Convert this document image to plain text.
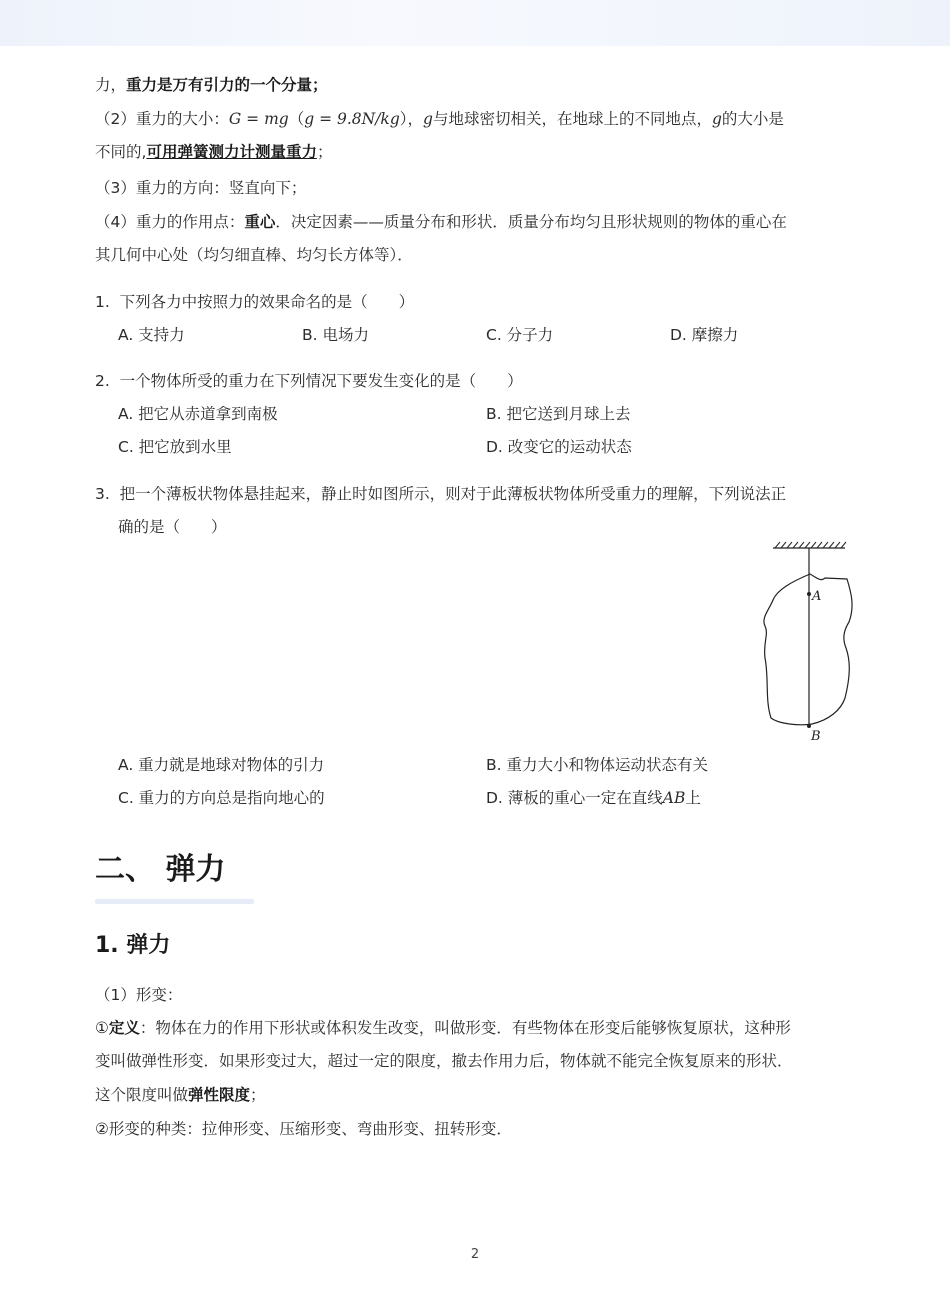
力，重力是万有引力的一个分量；
（2）重力的大小：G = mg（g = 9.8N/kg），g与地球密切相关，在地球上的不同地点，g的大小是
不同的,可用弹簧测力计测量重力；
（3）重力的方向：竖直向下；
（4）重力的作用点：重心．决定因素——质量分布和形状．质量分布均匀且形状规则的物体的重心在
其几何中心处（均匀细直棒、均匀长方体等）．
1. 下列各力中按照力的效果命名的是（　　）
A. 支持力	B. 电场力	C. 分子力	D. 摩擦力
2. 一个物体所受的重力在下列情况下要发生变化的是（　　）
A. 把它从赤道拿到南极	B. 把它送到月球上去
C. 把它放到水里	D. 改变它的运动状态
3. 把一个薄板状物体悬挂起来，静止时如图所示，则对于此薄板状物体所受重力的理解，下列说法正
确的是（　　）
A
B
A. 重力就是地球对物体的引力	B. 重力大小和物体运动状态有关
C. 重力的方向总是指向地心的	D. 薄板的重心一定在直线AB上
二、 弹力
1. 弹力
（1）形变：
①定义：物体在力的作用下形状或体积发生改变，叫做形变．有些物体在形变后能够恢复原状，这种形
变叫做弹性形变．如果形变过大，超过一定的限度，撤去作用力后，物体就不能完全恢复原来的形状．
这个限度叫做弹性限度；
②形变的种类：拉伸形变、压缩形变、弯曲形变、扭转形变．
2
